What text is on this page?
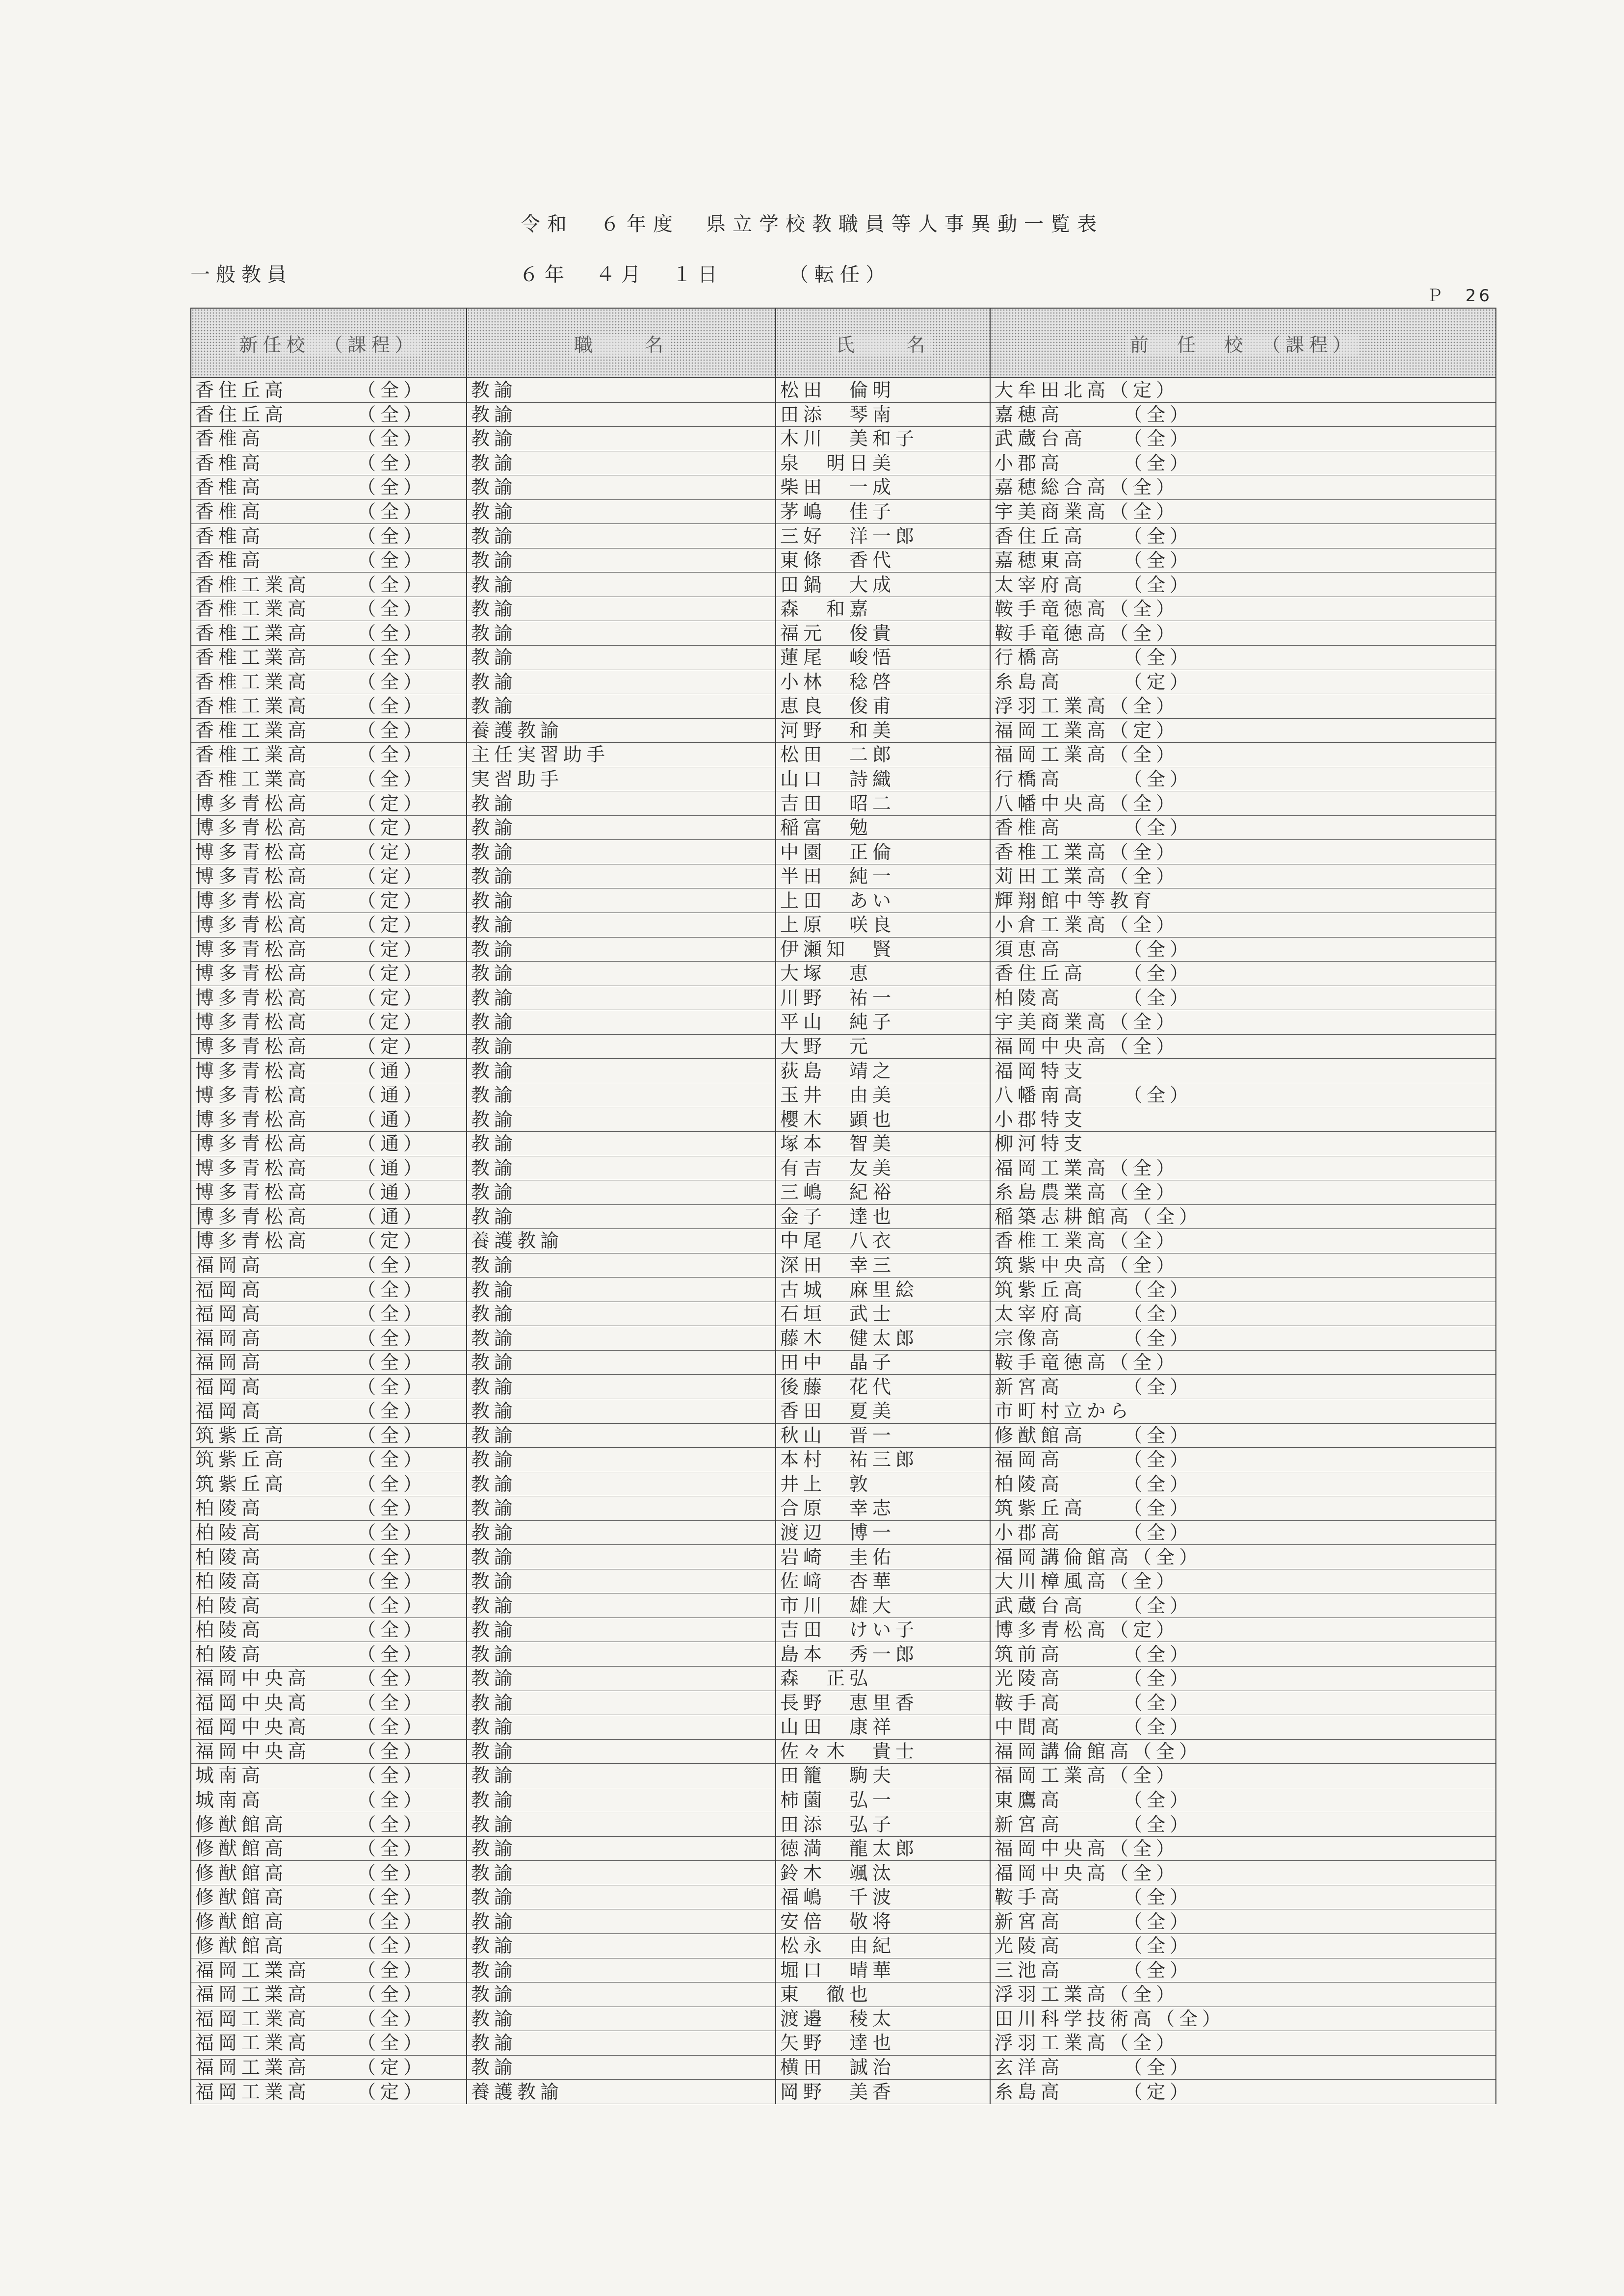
令和　６年度　県立学校教職員等人事異動一覧表
一般教員	６年　４月　１日	（転任）
Ｐ　26
新任校　（課程）	職　　名	氏　　名	前　任　校　（課程）
香住丘高 （全）	教諭	松田　倫明	大牟田北高（定）
香住丘高 （全）	教諭	田添　琴南	嘉穂高　　　（全）
香椎高 （全）	教諭	木川　美和子	武蔵台高　　（全）
香椎高 （全）	教諭	泉　明日美	小郡高　　　（全）
香椎高 （全）	教諭	柴田　一成	嘉穂総合高（全）
香椎高 （全）	教諭	茅嶋　佳子	宇美商業高（全）
香椎高 （全）	教諭	三好　洋一郎	香住丘高　　（全）
香椎高 （全）	教諭	東條　香代	嘉穂東高　　（全）
香椎工業高 （全）	教諭	田鍋　大成	太宰府高　　（全）
香椎工業高 （全）	教諭	森　和嘉	鞍手竜徳高（全）
香椎工業高 （全）	教諭	福元　俊貴	鞍手竜徳高（全）
香椎工業高 （全）	教諭	蓮尾　峻悟	行橋高　　　（全）
香椎工業高 （全）	教諭	小林　稔啓	糸島高　　　（定）
香椎工業高 （全）	教諭	恵良　俊甫	浮羽工業高（全）
香椎工業高 （全）	養護教諭	河野　和美	福岡工業高（定）
香椎工業高 （全）	主任実習助手	松田　二郎	福岡工業高（全）
香椎工業高 （全）	実習助手	山口　詩織	行橋高　　　（全）
博多青松高 （定）	教諭	吉田　昭二	八幡中央高（全）
博多青松高 （定）	教諭	稲富　勉	香椎高　　　（全）
博多青松高 （定）	教諭	中園　正倫	香椎工業高（全）
博多青松高 （定）	教諭	半田　純一	苅田工業高（全）
博多青松高 （定）	教諭	上田　あい	輝翔館中等教育
博多青松高 （定）	教諭	上原　咲良	小倉工業高（全）
博多青松高 （定）	教諭	伊瀬知　賢	須恵高　　　（全）
博多青松高 （定）	教諭	大塚　恵	香住丘高　　（全）
博多青松高 （定）	教諭	川野　祐一	柏陵高　　　（全）
博多青松高 （定）	教諭	平山　純子	宇美商業高（全）
博多青松高 （定）	教諭	大野　元	福岡中央高（全）
博多青松高 （通）	教諭	荻島　靖之	福岡特支
博多青松高 （通）	教諭	玉井　由美	八幡南高　　（全）
博多青松高 （通）	教諭	櫻木　顕也	小郡特支
博多青松高 （通）	教諭	塚本　智美	柳河特支
博多青松高 （通）	教諭	有吉　友美	福岡工業高（全）
博多青松高 （通）	教諭	三嶋　紀裕	糸島農業高（全）
博多青松高 （通）	教諭	金子　達也	稲築志耕館高（全）
博多青松高 （定）	養護教諭	中尾　八衣	香椎工業高（全）
福岡高 （全）	教諭	深田　幸三	筑紫中央高（全）
福岡高 （全）	教諭	古城　麻里絵	筑紫丘高　　（全）
福岡高 （全）	教諭	石垣　武士	太宰府高　　（全）
福岡高 （全）	教諭	藤木　健太郎	宗像高　　　（全）
福岡高 （全）	教諭	田中　晶子	鞍手竜徳高（全）
福岡高 （全）	教諭	後藤　花代	新宮高　　　（全）
福岡高 （全）	教諭	香田　夏美	市町村立から
筑紫丘高 （全）	教諭	秋山　晋一	修猷館高　　（全）
筑紫丘高 （全）	教諭	本村　祐三郎	福岡高　　　（全）
筑紫丘高 （全）	教諭	井上　敦	柏陵高　　　（全）
柏陵高 （全）	教諭	合原　幸志	筑紫丘高　　（全）
柏陵高 （全）	教諭	渡辺　博一	小郡高　　　（全）
柏陵高 （全）	教諭	岩崎　圭佑	福岡講倫館高（全）
柏陵高 （全）	教諭	佐﨑　杏華	大川樟風高（全）
柏陵高 （全）	教諭	市川　雄大	武蔵台高　　（全）
柏陵高 （全）	教諭	吉田　けい子	博多青松高（定）
柏陵高 （全）	教諭	島本　秀一郎	筑前高　　　（全）
福岡中央高 （全）	教諭	森　正弘	光陵高　　　（全）
福岡中央高 （全）	教諭	長野　恵里香	鞍手高　　　（全）
福岡中央高 （全）	教諭	山田　康祥	中間高　　　（全）
福岡中央高 （全）	教諭	佐々木　貴士	福岡講倫館高（全）
城南高 （全）	教諭	田籠　駒夫	福岡工業高（全）
城南高 （全）	教諭	柿薗　弘一	東鷹高　　　（全）
修猷館高 （全）	教諭	田添　弘子	新宮高　　　（全）
修猷館高 （全）	教諭	徳満　龍太郎	福岡中央高（全）
修猷館高 （全）	教諭	鈴木　颯汰	福岡中央高（全）
修猷館高 （全）	教諭	福嶋　千波	鞍手高　　　（全）
修猷館高 （全）	教諭	安倍　敬将	新宮高　　　（全）
修猷館高 （全）	教諭	松永　由紀	光陵高　　　（全）
福岡工業高 （全）	教諭	堀口　晴華	三池高　　　（全）
福岡工業高 （全）	教諭	東　徹也	浮羽工業高（全）
福岡工業高 （全）	教諭	渡邉　稜太	田川科学技術高（全）
福岡工業高 （全）	教諭	矢野　達也	浮羽工業高（全）
福岡工業高 （定）	教諭	横田　誠治	玄洋高　　　（全）
福岡工業高 （定）	養護教諭	岡野　美香	糸島高　　　（定）
